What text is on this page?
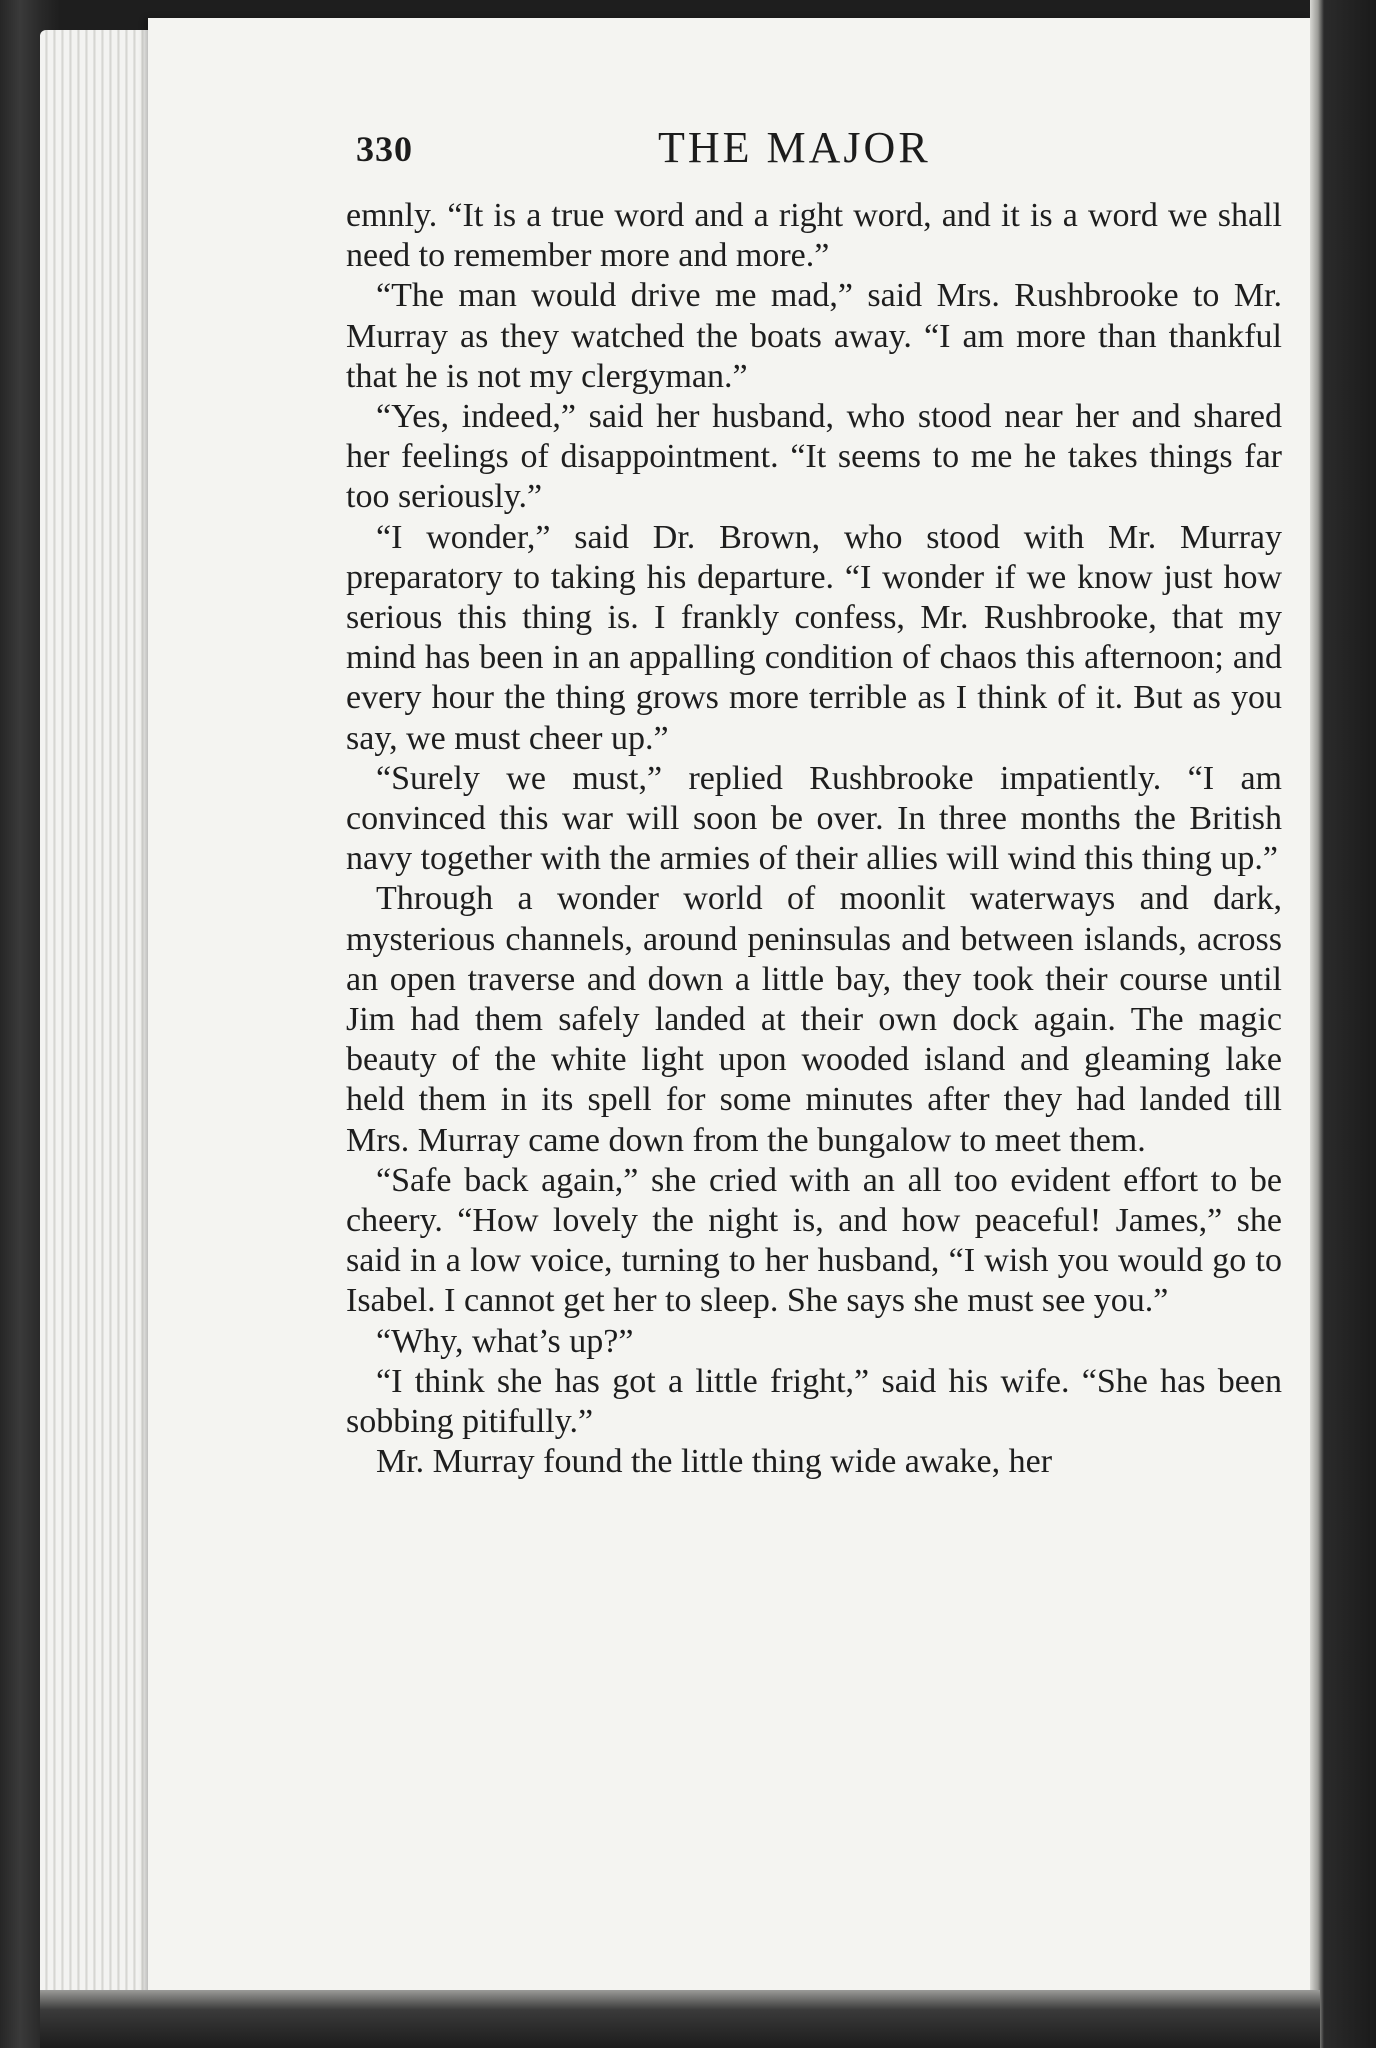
330	THE MAJOR

emnly. “It is a true word and a right word, and it is a word we shall need to remember more and more.”

“The man would drive me mad,” said Mrs. Rushbrooke to Mr. Murray as they watched the boats away. “I am more than thankful that he is not my clergyman.”

“Yes, indeed,” said her husband, who stood near her and shared her feelings of disappointment. “It seems to me he takes things far too seriously.”

“I wonder,” said Dr. Brown, who stood with Mr. Murray preparatory to taking his departure. “I wonder if we know just how serious this thing is. I frankly confess, Mr. Rushbrooke, that my mind has been in an appalling condition of chaos this afternoon; and every hour the thing grows more terrible as I think of it. But as you say, we must cheer up.”

“Surely we must,” replied Rushbrooke impatiently. “I am convinced this war will soon be over. In three months the British navy together with the armies of their allies will wind this thing up.”

Through a wonder world of moonlit waterways and dark, mysterious channels, around peninsulas and between islands, across an open traverse and down a little bay, they took their course until Jim had them safely landed at their own dock again. The magic beauty of the white light upon wooded island and gleaming lake held them in its spell for some minutes after they had landed till Mrs. Murray came down from the bungalow to meet them.

“Safe back again,” she cried with an all too evident effort to be cheery. “How lovely the night is, and how peaceful! James,” she said in a low voice, turning to her husband, “I wish you would go to Isabel. I cannot get her to sleep. She says she must see you.”

“Why, what’s up?”

“I think she has got a little fright,” said his wife. “She has been sobbing pitifully.”

Mr. Murray found the little thing wide awake, her
